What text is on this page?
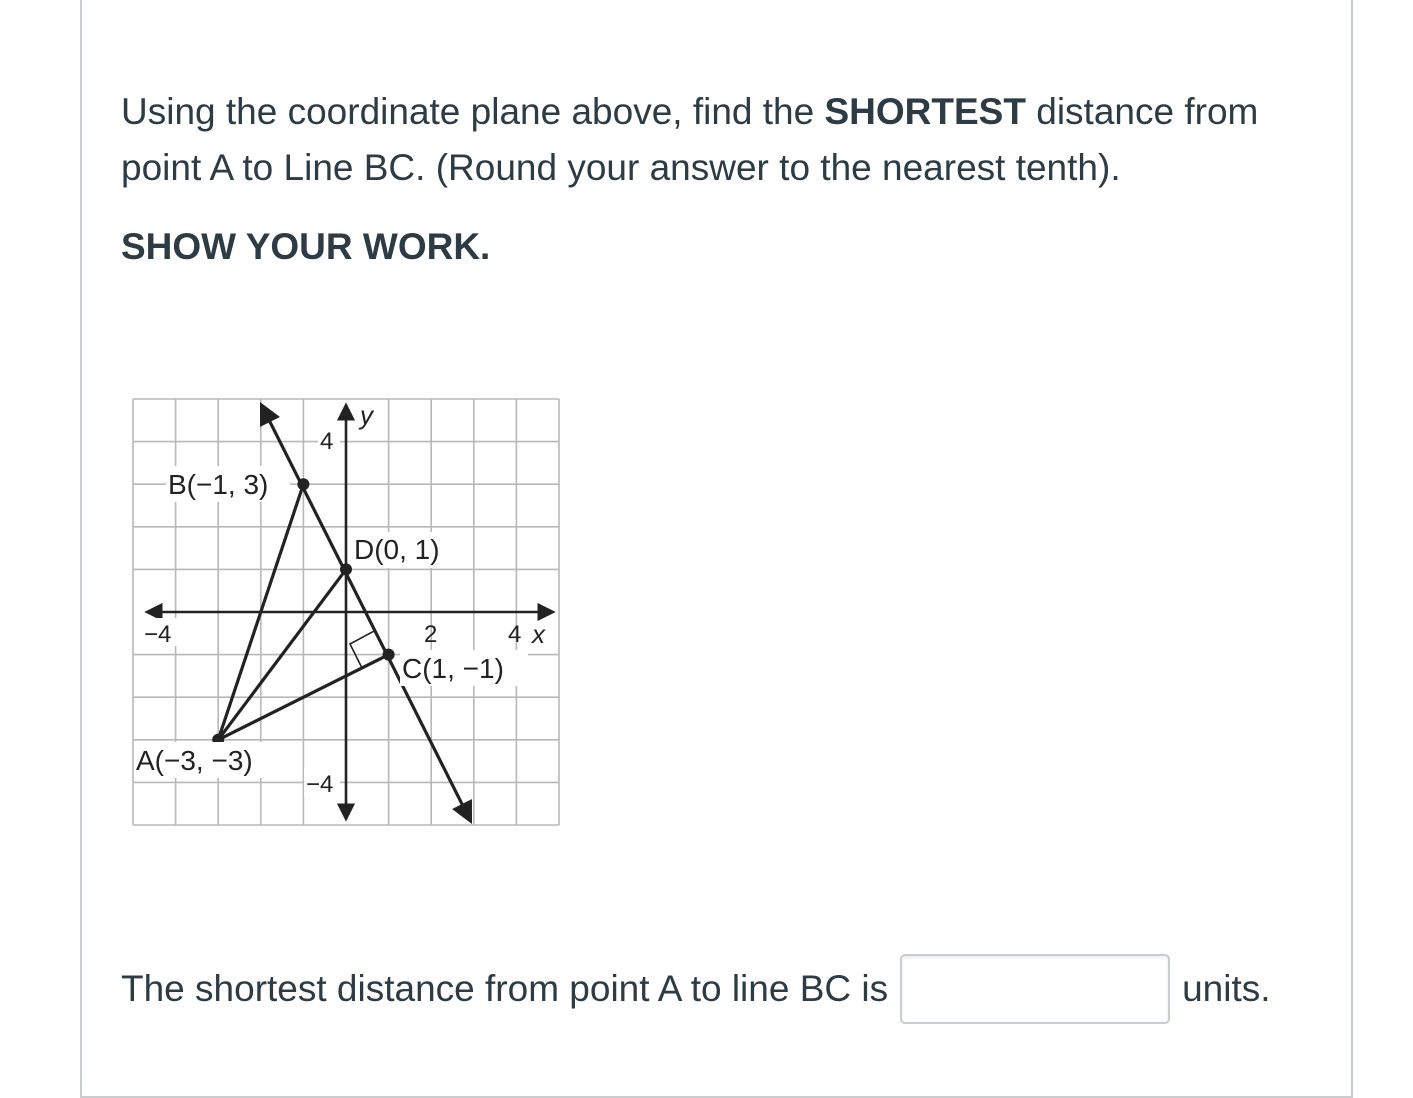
Using the coordinate plane above, find the SHORTEST distance from point A to Line BC. (Round your answer to the nearest tenth).

SHOW YOUR WORK.

y
x
4
−4
−4	2	4
B(−1, 3)
D(0, 1)
C(1, −1)
A(−3, −3)
The shortest distance from point A to line BC is	units.
